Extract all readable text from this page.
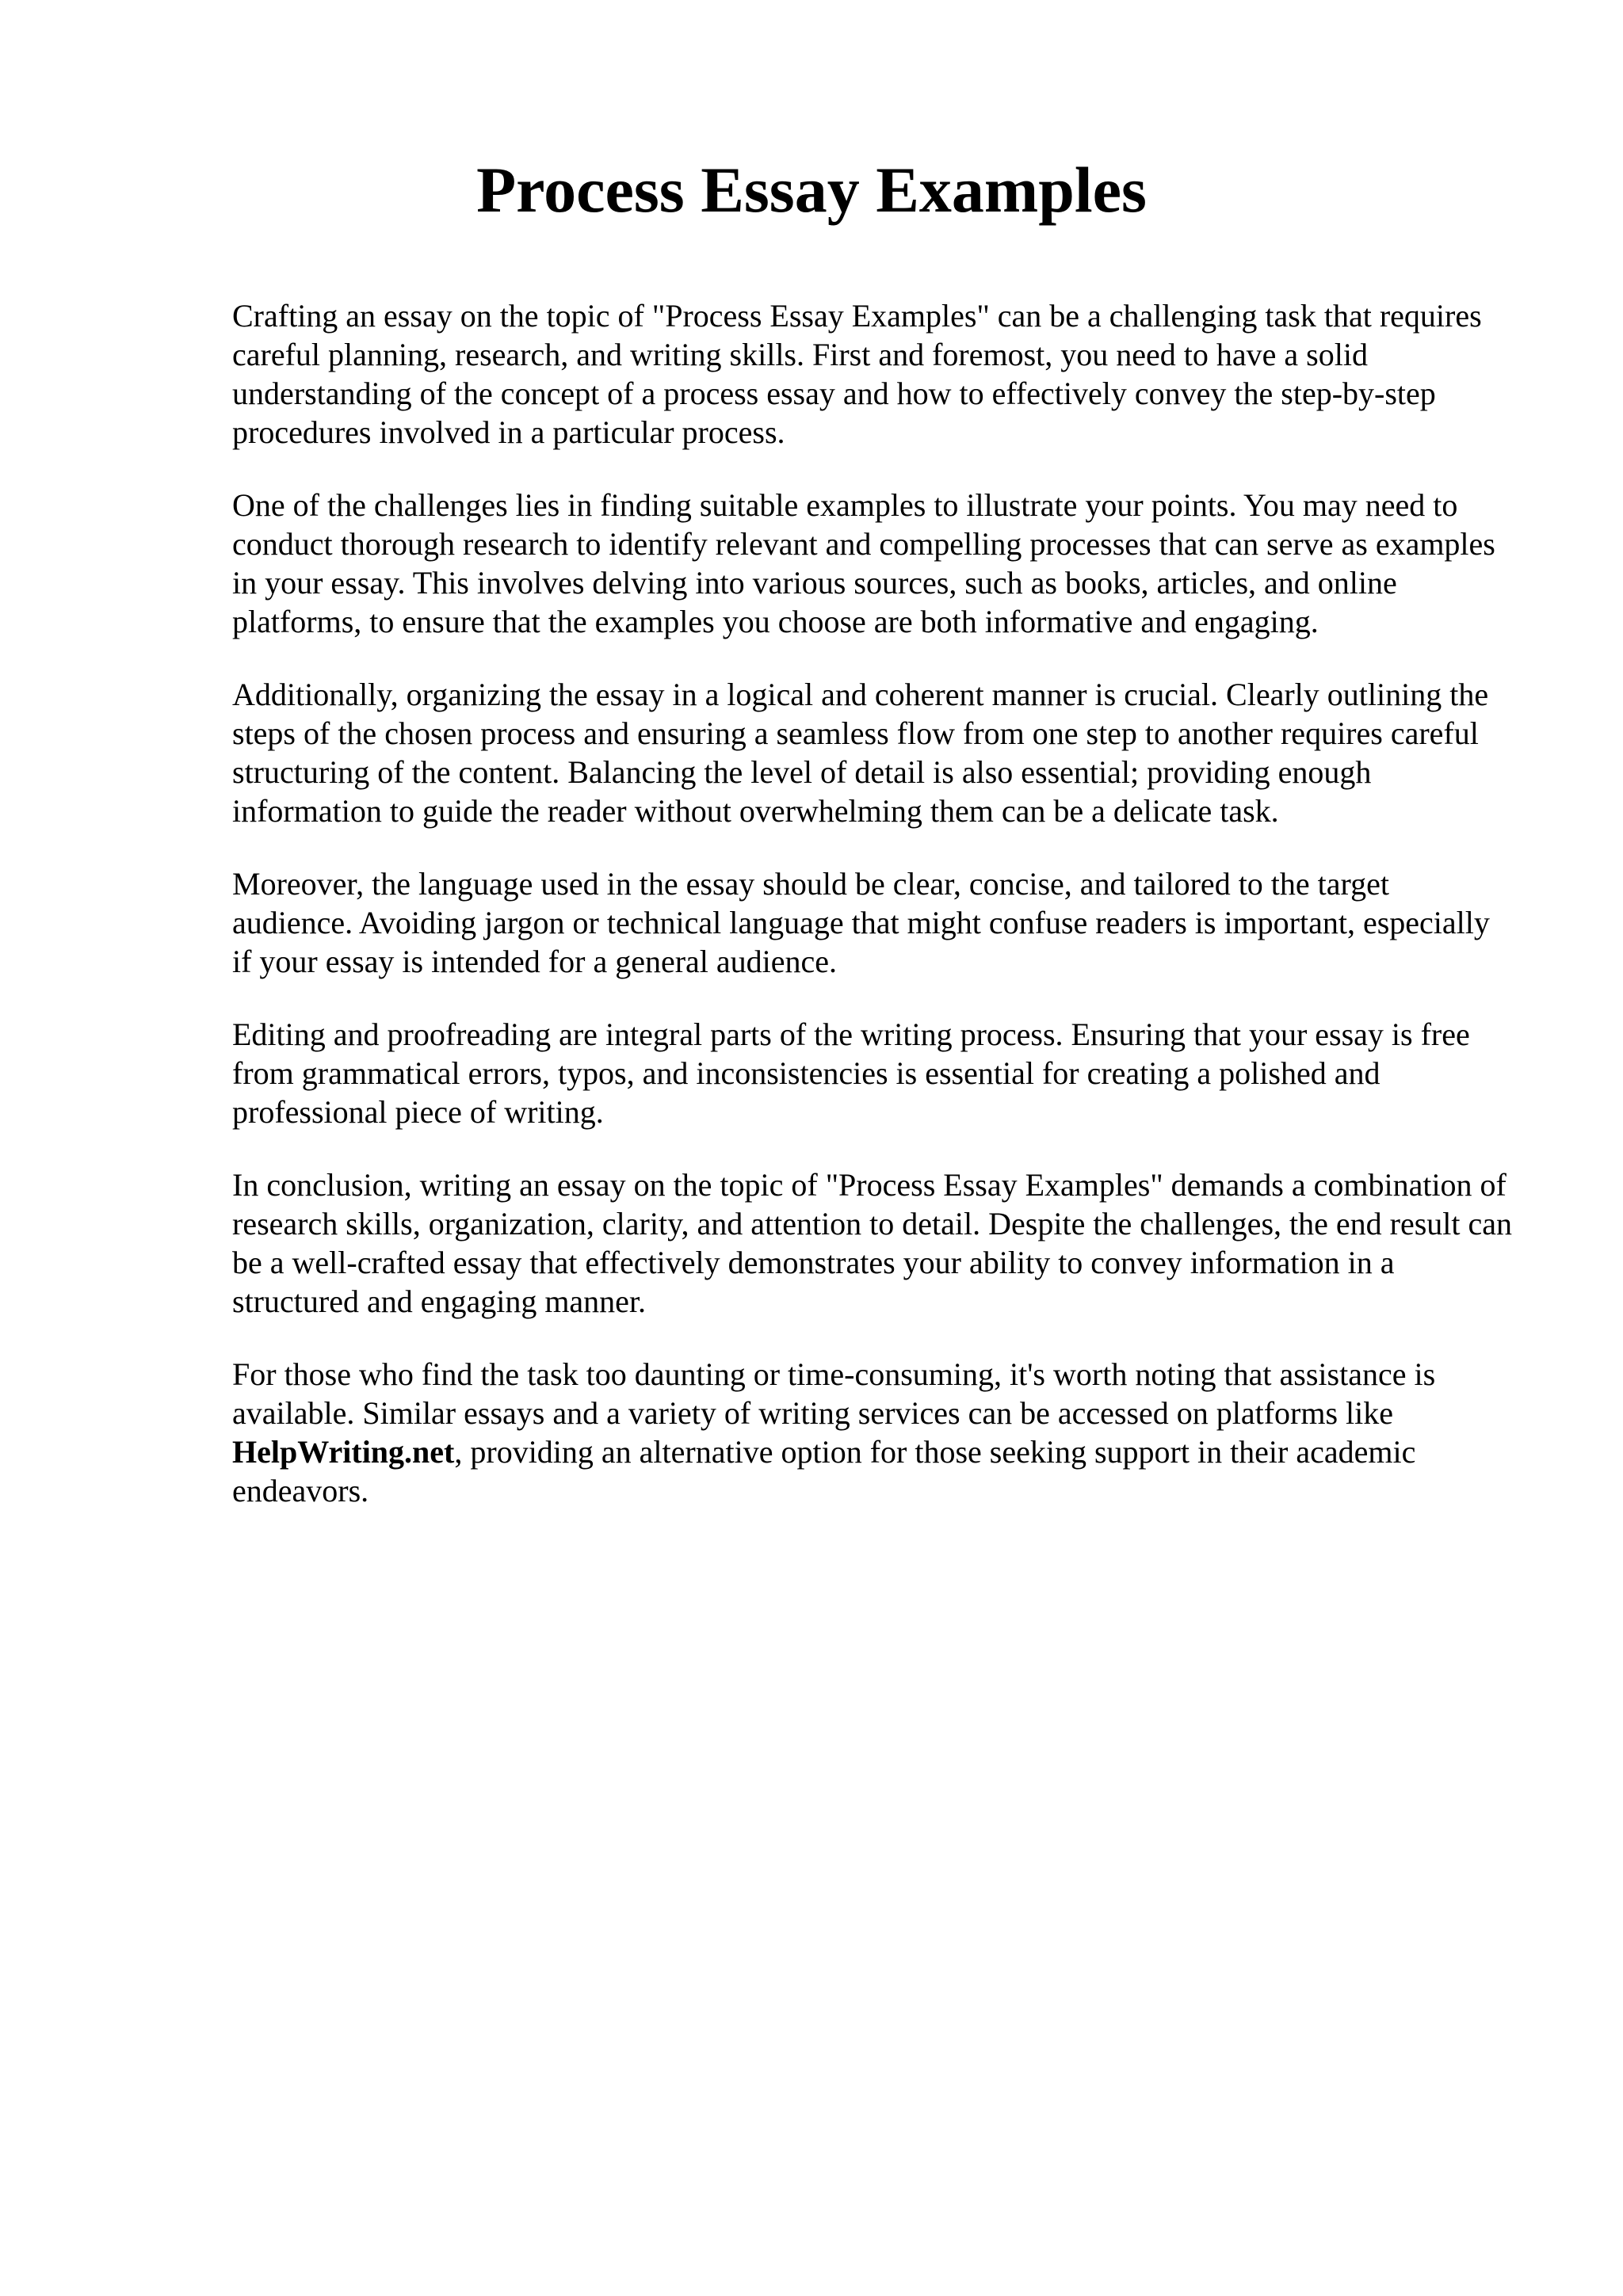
Process Essay Examples

Crafting an essay on the topic of "Process Essay Examples" can be a challenging task that requires careful planning, research, and writing skills. First and foremost, you need to have a solid understanding of the concept of a process essay and how to effectively convey the step-by-step procedures involved in a particular process.

One of the challenges lies in finding suitable examples to illustrate your points. You may need to conduct thorough research to identify relevant and compelling processes that can serve as examples in your essay. This involves delving into various sources, such as books, articles, and online platforms, to ensure that the examples you choose are both informative and engaging.

Additionally, organizing the essay in a logical and coherent manner is crucial. Clearly outlining the steps of the chosen process and ensuring a seamless flow from one step to another requires careful structuring of the content. Balancing the level of detail is also essential; providing enough information to guide the reader without overwhelming them can be a delicate task.

Moreover, the language used in the essay should be clear, concise, and tailored to the target audience. Avoiding jargon or technical language that might confuse readers is important, especially if your essay is intended for a general audience.

Editing and proofreading are integral parts of the writing process. Ensuring that your essay is free from grammatical errors, typos, and inconsistencies is essential for creating a polished and professional piece of writing.

In conclusion, writing an essay on the topic of "Process Essay Examples" demands a combination of research skills, organization, clarity, and attention to detail. Despite the challenges, the end result can be a well-crafted essay that effectively demonstrates your ability to convey information in a structured and engaging manner.

For those who find the task too daunting or time-consuming, it's worth noting that assistance is available. Similar essays and a variety of writing services can be accessed on platforms like HelpWriting.net, providing an alternative option for those seeking support in their academic endeavors.
